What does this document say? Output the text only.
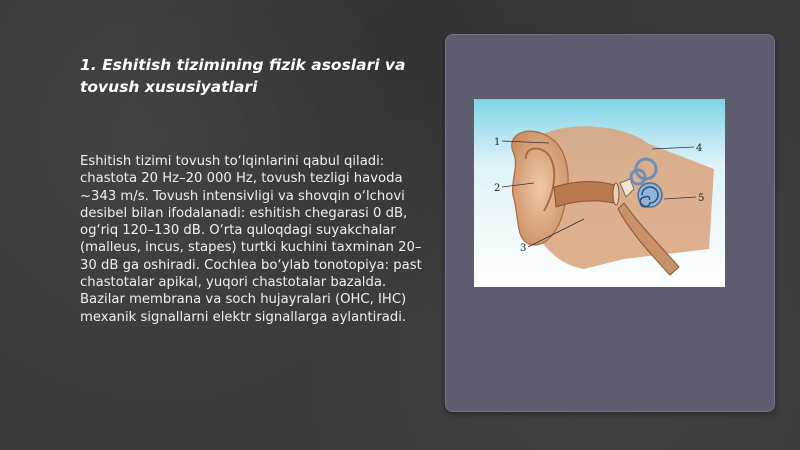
1. Eshitish tizimining fizik asoslari va tovush xususiyatlari

Eshitish tizimi tovush to‘lqinlarini qabul qiladi: chastota 20 Hz–20 000 Hz, tovush tezligi havoda ~343 m/s. Tovush intensivligi va shovqin o‘lchovi desibel bilan ifodalanadi: eshitish chegarasi 0 dB, og‘riq 120–130 dB. O‘rta quloqdagi suyakchalar (malleus, incus, stapes) turtki kuchini taxminan 20–30 dB ga oshiradi. Cochlea bo‘ylab tonotopiya: past chastotalar apikal, yuqori chastotalar bazalda. Bazilar membrana va soch hujayralari (OHC, IHC) mexanik signallarni elektr signallarga aylantiradi.

1
2
3
4
5
